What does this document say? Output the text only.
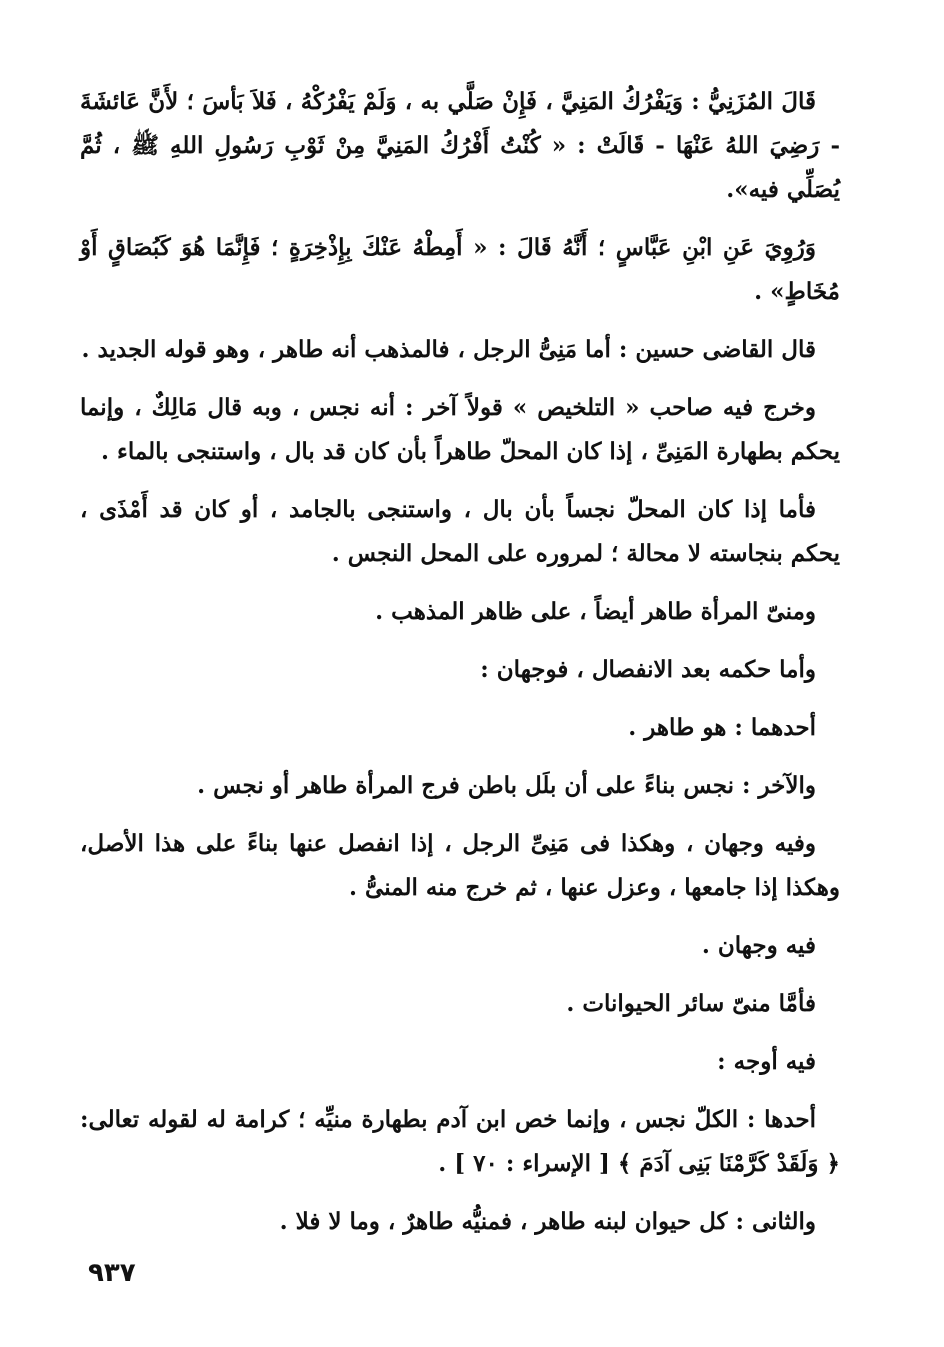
قَالَ المُزَنِيُّ : وَيَفْرُكُ المَنِيَّ ، فَإِنْ صَلَّي به ، وَلَمْ يَفْرُكْهُ ، فَلاَ بَأسَ ؛ لأَنَّ عَائشَةَ - رَضِيَ اللهُ عَنْهَا - قَالَتْ : « كُنْتُ أَفْرُكُ المَنِيَّ مِنْ ثَوْبِ رَسُولِ اللهِ ﷺ ، ثُمَّ يُصَلِّي فيه».

وَرُوِيَ عَنِ ابْنِ عَبَّاسٍ ؛ أَنَّهُ قَالَ : « أَمِطْهُ عَنْكَ بِإِذْخِرَةٍ ؛ فَإِنَّمَا هُوَ كَبُصَاقٍ أَوْ مُخَاطٍ» .

قال القاضى حسين : أما مَنِىُّ الرجل ، فالمذهب أنه طاهر ، وهو قوله الجديد .

وخرج فيه صاحب « التلخيص » قولاً آخر : أنه نجس ، وبه قال مَالِكٌ ، وإنما يحكم بطهارة المَنِىِّ ، إذا كان المحلّ طاهراً بأن كان قد بال ، واستنجى بالماء .

فأما إذا كان المحلّ نجساً بأن بال ، واستنجى بالجامد ، أو كان قد أَمْذَى ، يحكم بنجاسته لا محالة ؛ لمروره على المحل النجس .

ومنىّ المرأة طاهر أيضاً ، على ظاهر المذهب .

وأما حكمه بعد الانفصال ، فوجهان :

أحدهما : هو طاهر .

والآخر : نجس بناءً على أن بلَل باطن فرج المرأة طاهر أو نجس .

وفيه وجهان ، وهكذا فى مَنِىِّ الرجل ، إذا انفصل عنها بناءً على هذا الأصل، وهكذا إذا جامعها ، وعزل عنها ، ثم خرج منه المنىُّ .

فيه وجهان .

فأمَّا منىّ سائر الحيوانات .

فيه أوجه :

أحدها : الكلّ نجس ، وإنما خص ابن آدم بطهارة منيِّه ؛ كرامة له لقوله تعالى: ﴿ وَلَقَدْ كَرَّمْنَا بَنِى آدَمَ ﴾ [ الإسراء : ٧٠ ] .

والثانى : كل حيوان لبنه طاهر ، فمنيُّه طاهرٌ ، وما لا فلا .

٩٣٧
